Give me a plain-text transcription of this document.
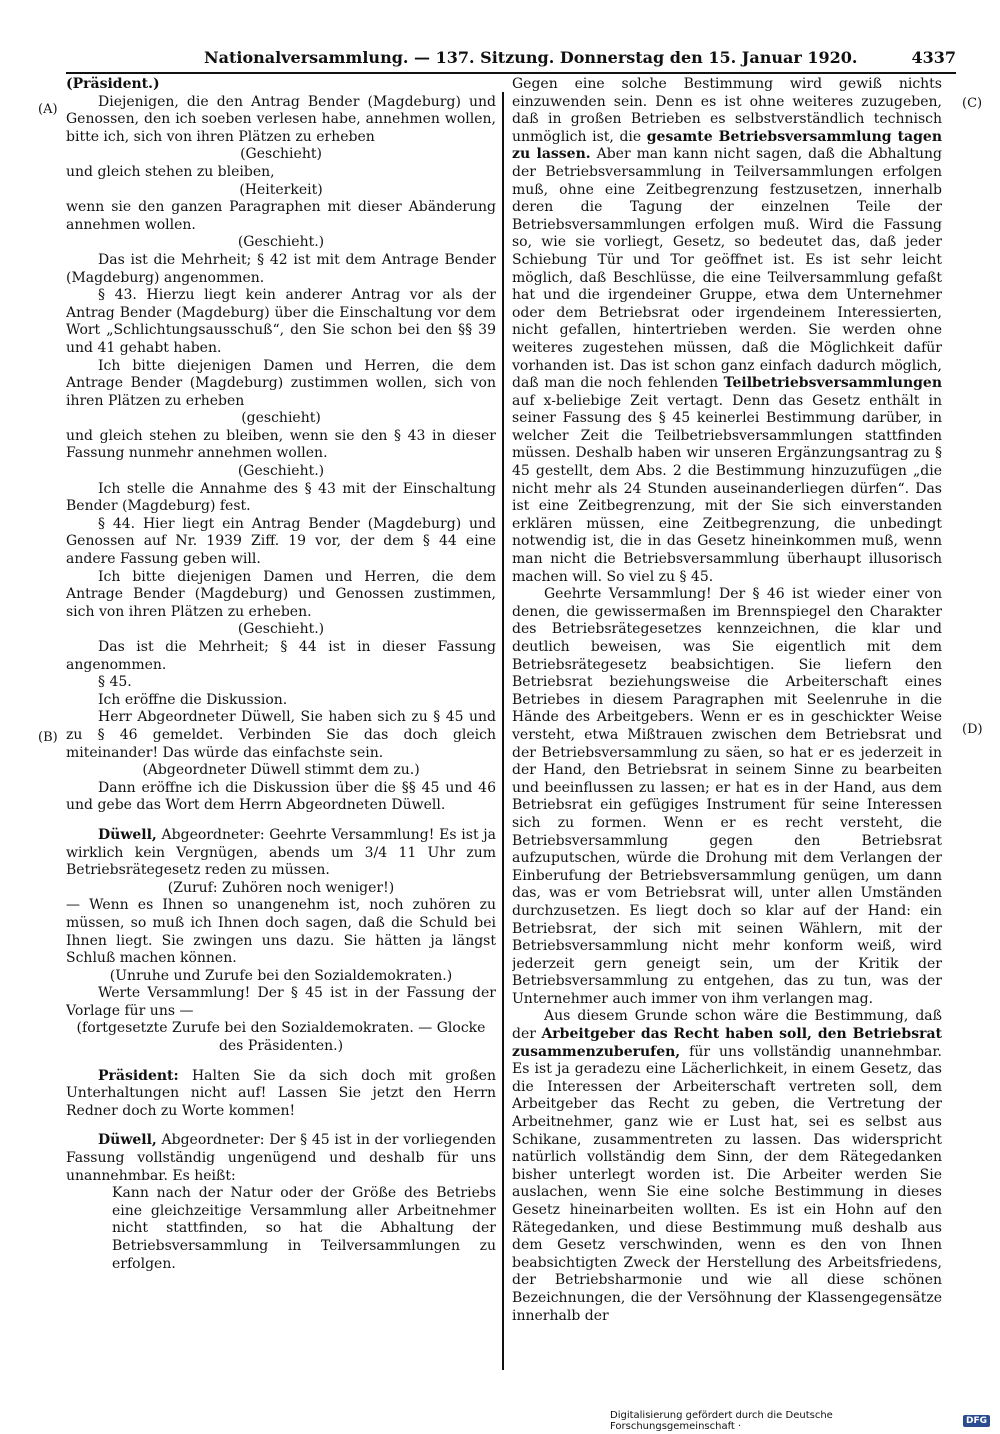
Nationalversammlung. — 137. Sitzung. Donnerstag den 15. Januar 1920.	4337
(A)
(B)
(C)
(D)

(Präsident.)

Diejenigen, die den Antrag Bender (Magdeburg) und Genossen, den ich soeben verlesen habe, annehmen wollen, bitte ich, sich von ihren Plätzen zu erheben

(Geschieht)

und gleich stehen zu bleiben,

(Heiterkeit)

wenn sie den ganzen Paragraphen mit dieser Abänderung annehmen wollen.

(Geschieht.)

Das ist die Mehrheit; § 42 ist mit dem Antrage Bender (Magdeburg) angenommen.

§ 43. Hierzu liegt kein anderer Antrag vor als der Antrag Bender (Magdeburg) über die Einschaltung vor dem Wort „Schlichtungsausschuß“, den Sie schon bei den §§ 39 und 41 gehabt haben.

Ich bitte diejenigen Damen und Herren, die dem Antrage Bender (Magdeburg) zustimmen wollen, sich von ihren Plätzen zu erheben

(geschieht)

und gleich stehen zu bleiben, wenn sie den § 43 in dieser Fassung nunmehr annehmen wollen.

(Geschieht.)

Ich stelle die Annahme des § 43 mit der Einschaltung Bender (Magdeburg) fest.

§ 44. Hier liegt ein Antrag Bender (Magdeburg) und Genossen auf Nr. 1939 Ziff. 19 vor, der dem § 44 eine andere Fassung geben will.

Ich bitte diejenigen Damen und Herren, die dem Antrage Bender (Magdeburg) und Genossen zustimmen, sich von ihren Plätzen zu erheben.

(Geschieht.)

Das ist die Mehrheit; § 44 ist in dieser Fassung angenommen.

§ 45.

Ich eröffne die Diskussion.

Herr Abgeordneter Düwell, Sie haben sich zu § 45 und zu § 46 gemeldet. Verbinden Sie das doch gleich miteinander! Das würde das einfachste sein.

(Abgeordneter Düwell stimmt dem zu.)

Dann eröffne ich die Diskussion über die §§ 45 und 46 und gebe das Wort dem Herrn Abgeordneten Düwell.

Düwell, Abgeordneter: Geehrte Versammlung! Es ist ja wirklich kein Vergnügen, abends um 3/4 11 Uhr zum Betriebsrätegesetz reden zu müssen.

(Zuruf: Zuhören noch weniger!)

— Wenn es Ihnen so unangenehm ist, noch zuhören zu müssen, so muß ich Ihnen doch sagen, daß die Schuld bei Ihnen liegt. Sie zwingen uns dazu. Sie hätten ja längst Schluß machen können.

(Unruhe und Zurufe bei den Sozialdemokraten.)

Werte Versammlung! Der § 45 ist in der Fassung der Vorlage für uns —

(fortgesetzte Zurufe bei den Sozialdemokraten. — Glocke des Präsidenten.)

Präsident: Halten Sie da sich doch mit großen Unterhaltungen nicht auf! Lassen Sie jetzt den Herrn Redner doch zu Worte kommen!

Düwell, Abgeordneter: Der § 45 ist in der vorliegenden Fassung vollständig ungenügend und deshalb für uns unannehmbar. Es heißt:

Kann nach der Natur oder der Größe des Betriebs eine gleichzeitige Versammlung aller Arbeitnehmer nicht stattfinden, so hat die Abhaltung der Betriebsversammlung in Teilversammlungen zu erfolgen.

Gegen eine solche Bestimmung wird gewiß nichts einzuwenden sein. Denn es ist ohne weiteres zuzugeben, daß in großen Betrieben es selbstverständlich technisch unmöglich ist, die gesamte Betriebsversammlung tagen zu lassen. Aber man kann nicht sagen, daß die Abhaltung der Betriebsversammlung in Teilversammlungen erfolgen muß, ohne eine Zeitbegrenzung festzusetzen, innerhalb deren die Tagung der einzelnen Teile der Betriebsversammlungen erfolgen muß. Wird die Fassung so, wie sie vorliegt, Gesetz, so bedeutet das, daß jeder Schiebung Tür und Tor geöffnet ist. Es ist sehr leicht möglich, daß Beschlüsse, die eine Teilversammlung gefaßt hat und die irgendeiner Gruppe, etwa dem Unternehmer oder dem Betriebsrat oder irgendeinem Interessierten, nicht gefallen, hintertrieben werden. Sie werden ohne weiteres zugestehen müssen, daß die Möglichkeit dafür vorhanden ist. Das ist schon ganz einfach dadurch möglich, daß man die noch fehlenden Teilbetriebsversammlungen auf x-beliebige Zeit vertagt. Denn das Gesetz enthält in seiner Fassung des § 45 keinerlei Bestimmung darüber, in welcher Zeit die Teilbetriebsversammlungen stattfinden müssen. Deshalb haben wir unseren Ergänzungsantrag zu § 45 gestellt, dem Abs. 2 die Bestimmung hinzuzufügen „die nicht mehr als 24 Stunden auseinanderliegen dürfen“. Das ist eine Zeitbegrenzung, mit der Sie sich einverstanden erklären müssen, eine Zeitbegrenzung, die unbedingt notwendig ist, die in das Gesetz hineinkommen muß, wenn man nicht die Betriebsversammlung überhaupt illusorisch machen will. So viel zu § 45.

Geehrte Versammlung! Der § 46 ist wieder einer von denen, die gewissermaßen im Brennspiegel den Charakter des Betriebsrätegesetzes kennzeichnen, die klar und deutlich beweisen, was Sie eigentlich mit dem Betriebsrätegesetz beabsichtigen. Sie liefern den Betriebsrat beziehungsweise die Arbeiterschaft eines Betriebes in diesem Paragraphen mit Seelenruhe in die Hände des Arbeitgebers. Wenn er es in geschickter Weise versteht, etwa Mißtrauen zwischen dem Betriebsrat und der Betriebsversammlung zu säen, so hat er es jederzeit in der Hand, den Betriebsrat in seinem Sinne zu bearbeiten und beeinflussen zu lassen; er hat es in der Hand, aus dem Betriebsrat ein gefügiges Instrument für seine Interessen sich zu formen. Wenn er es recht versteht, die Betriebsversammlung gegen den Betriebsrat aufzuputschen, würde die Drohung mit dem Verlangen der Einberufung der Betriebsversammlung genügen, um dann das, was er vom Betriebsrat will, unter allen Umständen durchzusetzen. Es liegt doch so klar auf der Hand: ein Betriebsrat, der sich mit seinen Wählern, mit der Betriebsversammlung nicht mehr konform weiß, wird jederzeit gern geneigt sein, um der Kritik der Betriebsversammlung zu entgehen, das zu tun, was der Unternehmer auch immer von ihm verlangen mag.

Aus diesem Grunde schon wäre die Bestimmung, daß der Arbeitgeber das Recht haben soll, den Betriebsrat zusammenzuberufen, für uns vollständig unannehmbar. Es ist ja geradezu eine Lächerlichkeit, in einem Gesetz, das die Interessen der Arbeiterschaft vertreten soll, dem Arbeitgeber das Recht zu geben, die Vertretung der Arbeitnehmer, ganz wie er Lust hat, sei es selbst aus Schikane, zusammentreten zu lassen. Das widerspricht natürlich vollständig dem Sinn, der dem Rätegedanken bisher unterlegt worden ist. Die Arbeiter werden Sie auslachen, wenn Sie eine solche Bestimmung in dieses Gesetz hineinarbeiten wollten. Es ist ein Hohn auf den Rätegedanken, und diese Bestimmung muß deshalb aus dem Gesetz verschwinden, wenn es den von Ihnen beabsichtigten Zweck der Herstellung des Arbeitsfriedens, der Betriebsharmonie und wie all diese schönen Bezeichnungen, die der Versöhnung der Klassengegensätze innerhalb der

Digitalisierung gefördert durch die Deutsche Forschungsgemeinschaft ·	DFG
